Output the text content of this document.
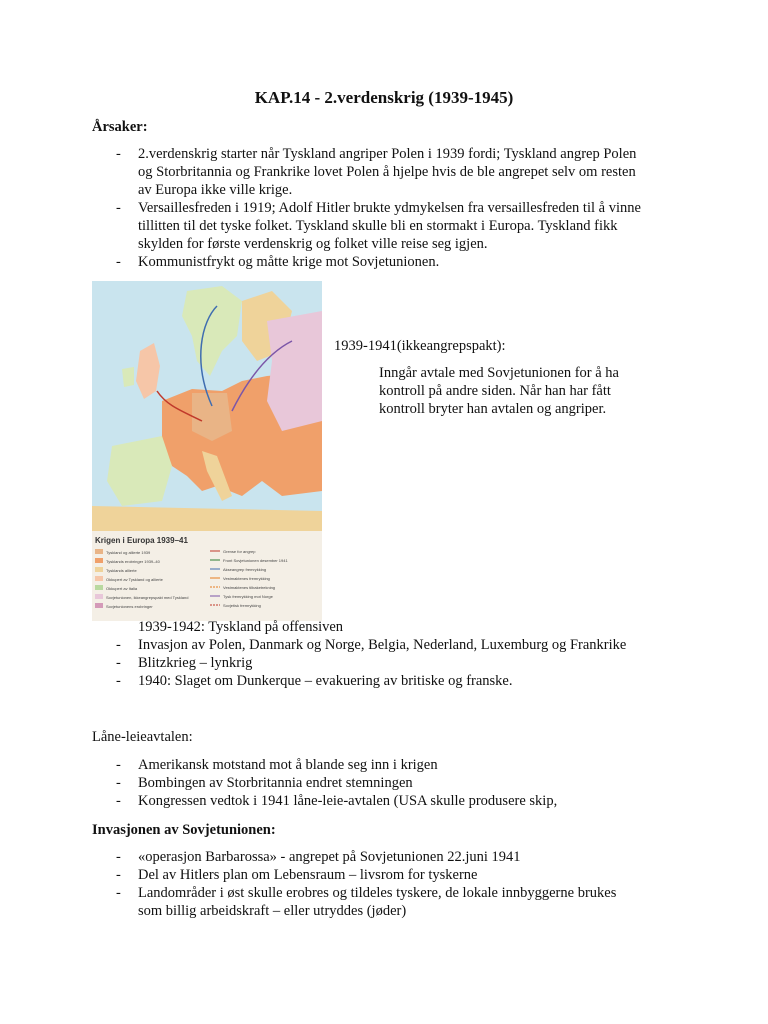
KAP.14 - 2.verdenskrig (1939-1945)
Årsaker:
- 2.verdenskrig starter når Tyskland angriper Polen i 1939 fordi; Tyskland angrep Polen
og Storbritannia og Frankrike lovet Polen å hjelpe hvis de ble angrepet selv om resten
av Europa ikke ville krige.
- Versaillesfreden i 1919; Adolf Hitler brukte ydmykelsen fra versaillesfreden til å vinne
tillitten til det tyske folket. Tyskland skulle bli en stormakt i Europa. Tyskland fikk
skylden for første verdenskrig og folket ville reise seg igjen.
- Kommunistfrykt og måtte krige mot Sovjetunionen.
Krigen i Europa 1939–41
Tyskland og allierte 1939
Tysklands erobringer 1939–40
Tysklands allierte
Okkupert av Tyskland og allierte
Okkupert av Italia
Sovjetunionen, ikkeangrepspakt med Tyskland
Sovjetunionens erobringer
Grense for angrep
Front Sovjetunionen desember 1941
Akseangrep fremrykking
Vestmaktenes fremrykking
Vestmaktenes tilbaketrekning
Tysk fremrykking mot Norge
Sovjetisk fremrykking
1939-1941(ikkeangrepspakt):
Inngår avtale med Sovjetunionen for å ha
kontroll på andre siden. Når han har fått
kontroll bryter han avtalen og angriper.
1939-1942: Tyskland på offensiven
- Invasjon av Polen, Danmark og Norge, Belgia, Nederland, Luxemburg og Frankrike
- Blitzkrieg – lynkrig
- 1940: Slaget om Dunkerque – evakuering av britiske og franske.
Låne-leieavtalen:
- Amerikansk motstand mot å blande seg inn i krigen
- Bombingen av Storbritannia endret stemningen
- Kongressen vedtok i 1941 låne-leie-avtalen (USA skulle produsere skip,
Invasjonen av Sovjetunionen:
- «operasjon Barbarossa» - angrepet på Sovjetunionen 22.juni 1941
- Del av Hitlers plan om Lebensraum – livsrom for tyskerne
- Landområder i øst skulle erobres og tildeles tyskere, de lokale innbyggerne brukes
som billig arbeidskraft – eller utryddes (jøder)
